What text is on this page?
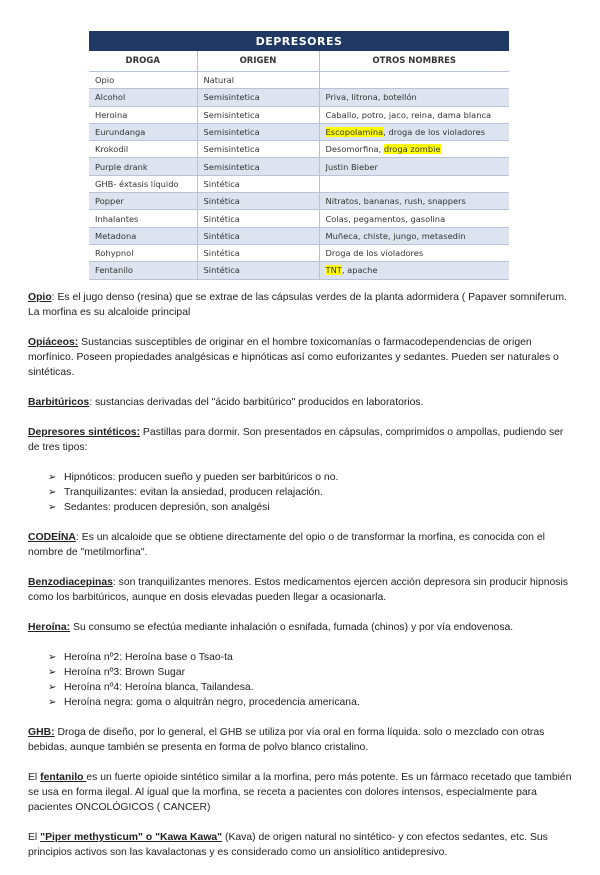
DEPRESORES		
DROGA	ORIGEN	OTROS NOMBRES
Opio	Natural	
Alcohol	Semisintetica	Priva, litrona, botellón
Heroina	Semisintetica	Caballo, potro, jaco, reina, dama blanca
Eurundanga	Semisintetica	Escopolamina, droga de los violadores
Krokodil	Semisintetica	Desomorfina, droga zombie
Purple drank	Semisintetica	Justin Bieber
GHB- éxtasis líquido	Sintética	
Popper	Sintética	Nitratos, bananas, rush, snappers
Inhalantes	Sintética	Colas, pegamentos, gasolina
Metadona	Sintética	Muñeca, chiste, jungo, metasedin
Rohypnol	Sintética	Droga de los violadores
Fentanilo	Sintética	TNT, apache

Opio: Es el jugo denso (resina) que se extrae de las cápsulas verdes de la planta adormidera ( Papaver somniferum. La morfina es su alcaloide principal

Opiáceos: Sustancias susceptibles de originar en el hombre toxicomanías o farmacodependencias de origen morfínico. Poseen propiedades analgésicas e hipnóticas así como euforizantes y sedantes. Pueden ser naturales o sintéticas.

Barbitúricos: sustancias derivadas del "ácido barbitúrico" producidos en laboratorios.

Depresores sintéticos: Pastillas para dormir. Son presentados en cápsulas, comprimidos o ampollas, pudiendo ser de tres tipos:

➢ Hipnóticos: producen sueño y pueden ser barbitúricos o no.
➢ Tranquilizantes: evitan la ansiedad, producen relajación.
➢ Sedantes: producen depresión, son analgési

CODEÍNA: Es un alcaloide que se obtiene directamente del opio o de transformar la morfina, es conocida con el nombre de "metilmorfina".

Benzodiacepinas: son tranquilizantes menores. Estos medicamentos ejercen acción depresora sin producir hipnosis como los barbitúricos, aunque en dosis elevadas pueden llegar a ocasionarla.

Heroína: Su consumo se efectúa mediante inhalación o esnifada, fumada (chinos) y por vía endovenosa.

➢ Heroína nº2: Heroína base o Tsao-ta
➢ Heroína nº3: Brown Sugar
➢ Heroína nº4: Heroína blanca, Tailandesa.
➢ Heroína negra: goma o alquitrán negro, procedencia americana.

GHB: Droga de diseño, por lo general, el GHB se utiliza por vía oral en forma líquida. solo o mezclado con otras bebidas, aunque también se presenta en forma de polvo blanco cristalino.

El fentanilo es un fuerte opioide sintético similar a la morfina, pero más potente. Es un fármaco recetado que también se usa en forma ilegal. Al igual que la morfina, se receta a pacientes con dolores intensos, especialmente para pacientes ONCOLÓGICOS ( CANCER)

El "Piper methysticum" o "Kawa Kawa" (Kava) de origen natural no sintético- y con efectos sedantes, etc. Sus principios activos son las kavalactonas y es considerado como un ansiolítico antidepresivo.
